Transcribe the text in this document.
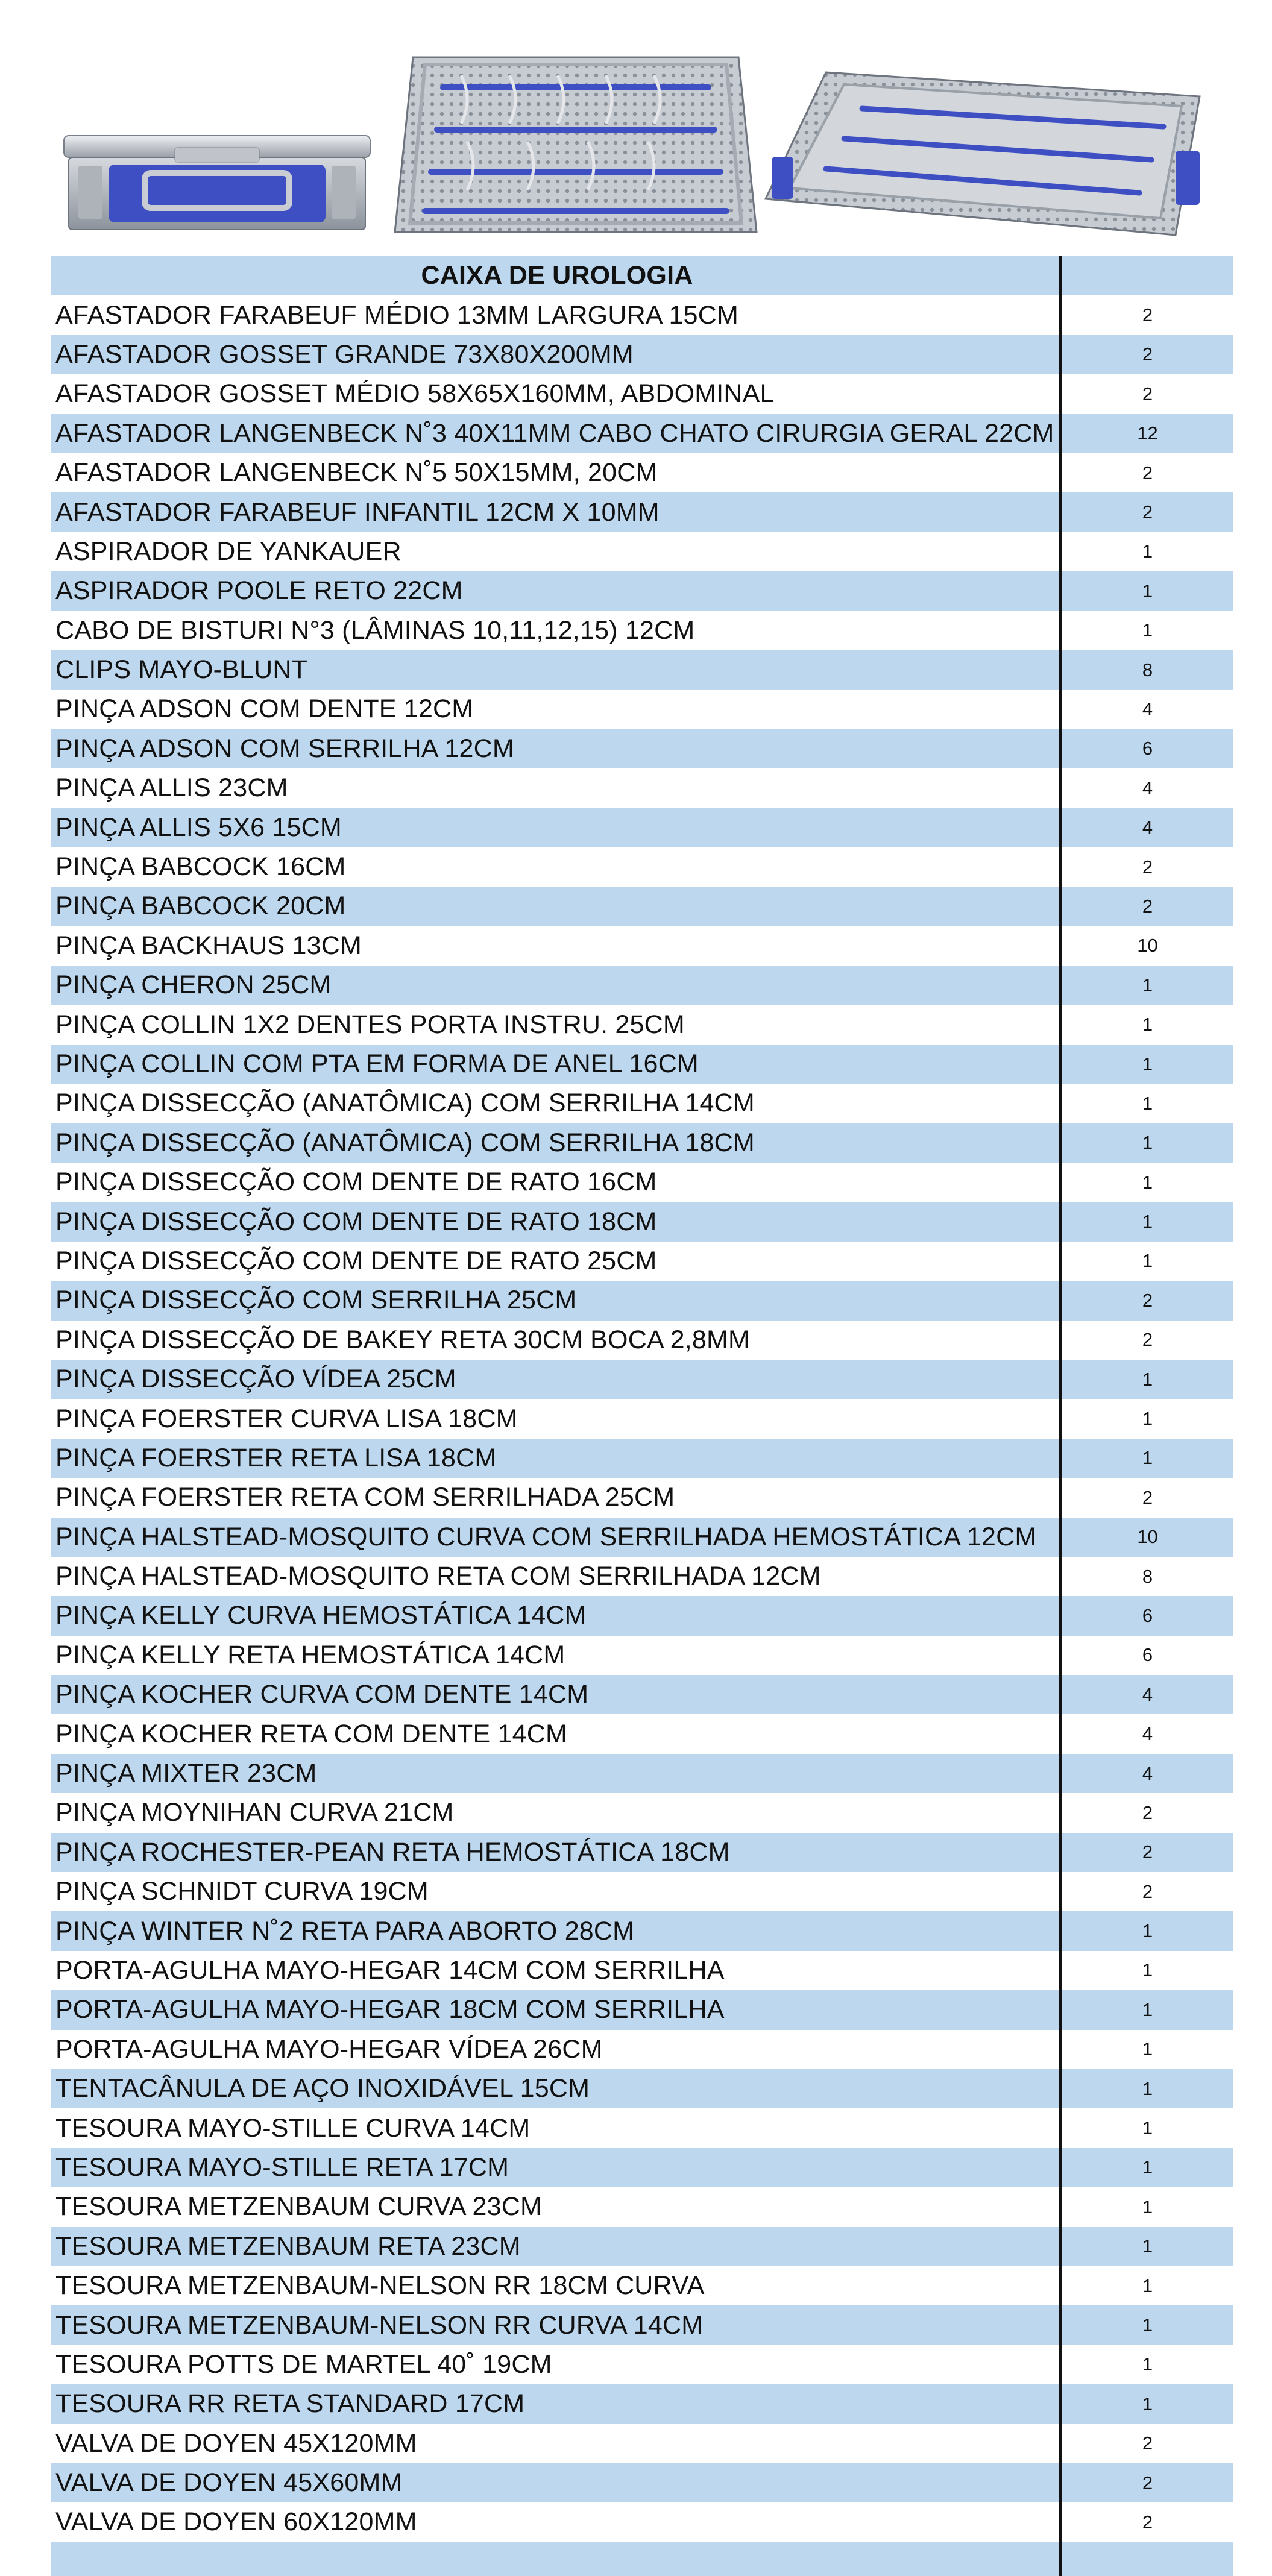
CAIXA DE UROLOGIA
AFASTADOR FARABEUF MÉDIO 13MM LARGURA 15CM	2
AFASTADOR GOSSET GRANDE 73X80X200MM	2
AFASTADOR GOSSET MÉDIO 58X65X160MM, ABDOMINAL	2
AFASTADOR LANGENBECK N˚3 40X11MM CABO CHATO CIRURGIA GERAL 22CM	12
AFASTADOR LANGENBECK N˚5 50X15MM, 20CM	2
AFASTADOR FARABEUF INFANTIL 12CM X 10MM	2
ASPIRADOR DE YANKAUER	1
ASPIRADOR POOLE RETO 22CM	1
CABO DE BISTURI N°3 (LÂMINAS 10,11,12,15) 12CM	1
CLIPS MAYO-BLUNT	8
PINÇA ADSON COM DENTE 12CM	4
PINÇA ADSON COM SERRILHA 12CM	6
PINÇA ALLIS 23CM	4
PINÇA ALLIS 5X6 15CM	4
PINÇA BABCOCK 16CM	2
PINÇA BABCOCK 20CM	2
PINÇA BACKHAUS 13CM	10
PINÇA CHERON 25CM	1
PINÇA COLLIN 1X2 DENTES PORTA INSTRU. 25CM	1
PINÇA COLLIN COM PTA EM FORMA DE ANEL 16CM	1
PINÇA DISSECÇÃO (ANATÔMICA) COM SERRILHA 14CM	1
PINÇA DISSECÇÃO (ANATÔMICA) COM SERRILHA 18CM	1
PINÇA DISSECÇÃO COM DENTE DE RATO 16CM	1
PINÇA DISSECÇÃO COM DENTE DE RATO 18CM	1
PINÇA DISSECÇÃO COM DENTE DE RATO 25CM	1
PINÇA DISSECÇÃO COM SERRILHA 25CM	2
PINÇA DISSECÇÃO DE BAKEY RETA 30CM BOCA 2,8MM	2
PINÇA DISSECÇÃO VÍDEA 25CM	1
PINÇA FOERSTER CURVA LISA 18CM	1
PINÇA FOERSTER RETA LISA 18CM	1
PINÇA FOERSTER RETA COM SERRILHADA 25CM	2
PINÇA HALSTEAD-MOSQUITO CURVA COM SERRILHADA HEMOSTÁTICA 12CM	10
PINÇA HALSTEAD-MOSQUITO RETA COM SERRILHADA 12CM	8
PINÇA KELLY CURVA HEMOSTÁTICA 14CM	6
PINÇA KELLY RETA HEMOSTÁTICA 14CM	6
PINÇA KOCHER CURVA COM DENTE 14CM	4
PINÇA KOCHER RETA COM DENTE 14CM	4
PINÇA MIXTER 23CM	4
PINÇA MOYNIHAN CURVA 21CM	2
PINÇA ROCHESTER-PEAN RETA HEMOSTÁTICA 18CM	2
PINÇA SCHNIDT CURVA 19CM	2
PINÇA WINTER N˚2 RETA PARA ABORTO 28CM	1
PORTA-AGULHA MAYO-HEGAR 14CM COM SERRILHA	1
PORTA-AGULHA MAYO-HEGAR 18CM COM SERRILHA	1
PORTA-AGULHA MAYO-HEGAR VÍDEA 26CM	1
TENTACÂNULA DE AÇO INOXIDÁVEL 15CM	1
TESOURA MAYO-STILLE CURVA 14CM	1
TESOURA MAYO-STILLE RETA 17CM	1
TESOURA METZENBAUM CURVA 23CM	1
TESOURA METZENBAUM RETA 23CM	1
TESOURA METZENBAUM-NELSON RR 18CM CURVA	1
TESOURA METZENBAUM-NELSON RR CURVA 14CM	1
TESOURA POTTS DE MARTEL 40˚ 19CM	1
TESOURA RR RETA STANDARD 17CM	1
VALVA DE DOYEN 45X120MM	2
VALVA DE DOYEN 45X60MM	2
VALVA DE DOYEN 60X120MM	2
